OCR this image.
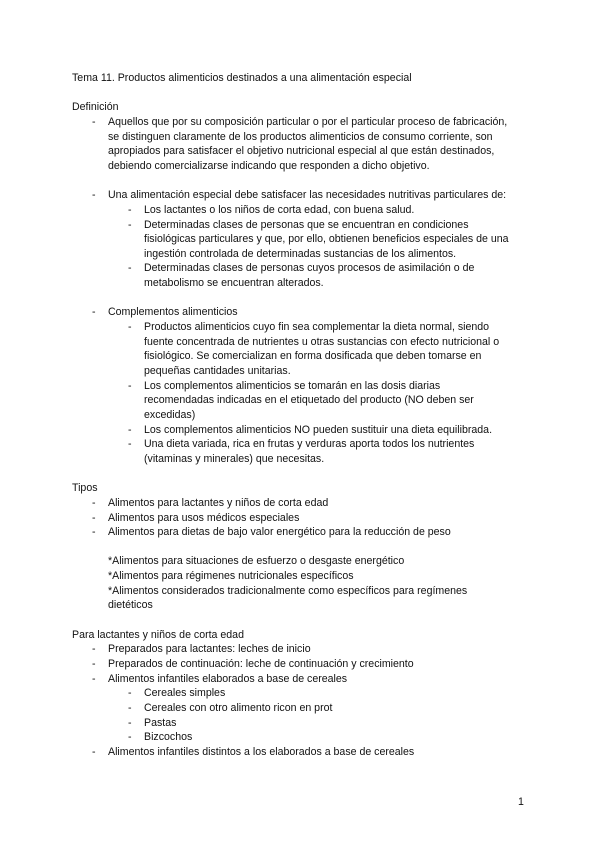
Tema 11. Productos alimenticios destinados a una alimentación especial
Definición
- Aquellos que por su composición particular o por el particular proceso de fabricación,
se distinguen claramente de los productos alimenticios de consumo corriente, son
apropiados para satisfacer el objetivo nutricional especial al que están destinados,
debiendo comercializarse indicando que responden a dicho objetivo.
- Una alimentación especial debe satisfacer las necesidades nutritivas particulares de:
- Los lactantes o los niños de corta edad, con buena salud.
- Determinadas clases de personas que se encuentran en condiciones
fisiológicas particulares y que, por ello, obtienen beneficios especiales de una
ingestión controlada de determinadas sustancias de los alimentos.
- Determinadas clases de personas cuyos procesos de asimilación o de
metabolismo se encuentran alterados.
- Complementos alimenticios
- Productos alimenticios cuyo fin sea complementar la dieta normal, siendo
fuente concentrada de nutrientes u otras sustancias con efecto nutricional o
fisiológico. Se comercializan en forma dosificada que deben tomarse en
pequeñas cantidades unitarias.
- Los complementos alimenticios se tomarán en las dosis diarias
recomendadas indicadas en el etiquetado del producto (NO deben ser
excedidas)
- Los complementos alimenticios NO pueden sustituir una dieta equilibrada.
- Una dieta variada, rica en frutas y verduras aporta todos los nutrientes
(vitaminas y minerales) que necesitas.
Tipos
- Alimentos para lactantes y niños de corta edad
- Alimentos para usos médicos especiales
- Alimentos para dietas de bajo valor energético para la reducción de peso
*Alimentos para situaciones de esfuerzo o desgaste energético
*Alimentos para régimenes nutricionales específicos
*Alimentos considerados tradicionalmente como específicos para regímenes
dietéticos
Para lactantes y niños de corta edad
- Preparados para lactantes: leches de inicio
- Preparados de continuación: leche de continuación y crecimiento
- Alimentos infantiles elaborados a base de cereales
- Cereales simples
- Cereales con otro alimento ricon en prot
- Pastas
- Bizcochos
- Alimentos infantiles distintos a los elaborados a base de cereales
1
